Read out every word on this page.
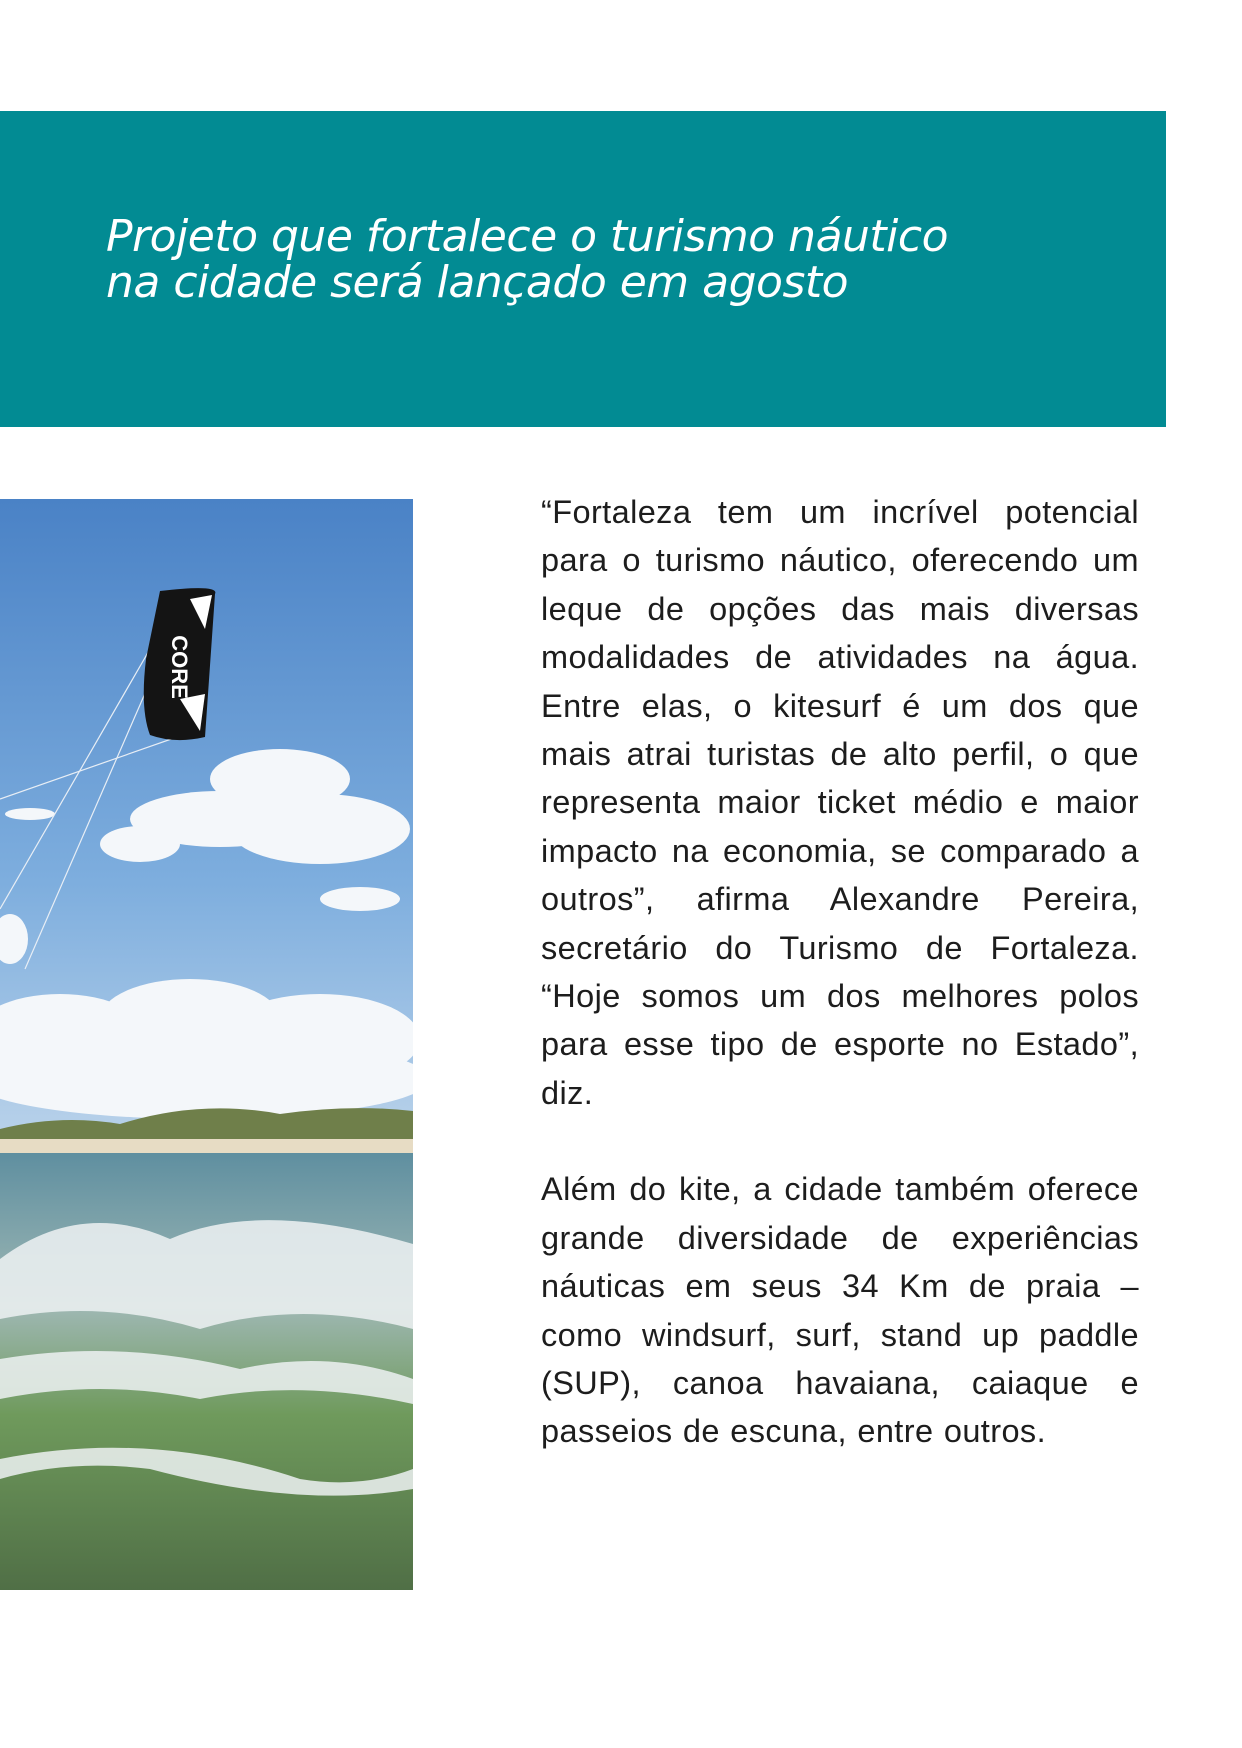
Projeto que fortalece o turismo náutico
na cidade será lançado em agosto
CORE

“Fortaleza tem um incrível potencial para o turismo náutico, oferecendo um leque de opções das mais diversas modalidades de atividades na água. Entre elas, o kitesurf é um dos que mais atrai turistas de alto perfil, o que representa maior ticket médio e maior impacto na economia, se comparado a outros”, afirma Alexandre Pereira, secretário do Turismo de Fortaleza. “Hoje somos um dos melhores polos para esse tipo de esporte no Estado”, diz.

Além do kite, a cidade também oferece grande diversidade de experiências náuticas em seus 34 Km de praia – como windsurf, surf, stand up paddle (SUP), canoa havaiana, caiaque e passeios de escuna, entre outros.
